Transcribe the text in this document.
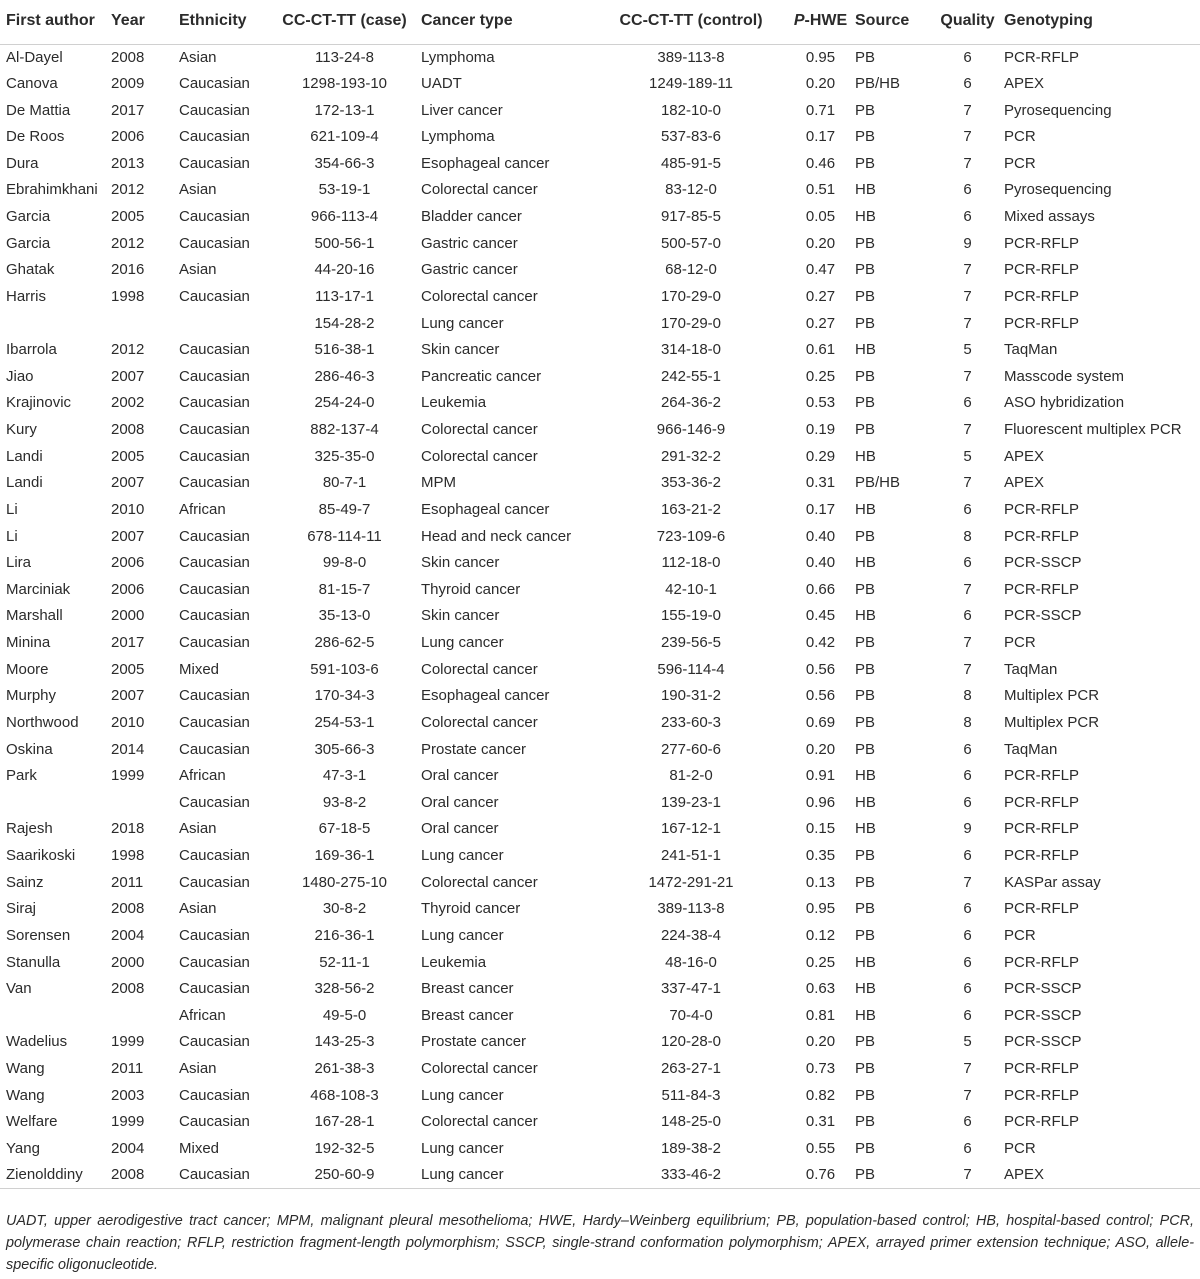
First author	Year	Ethnicity	CC-CT-TT (case)	Cancer type	CC-CT-TT (control)	P-HWE	Source	Quality	Genotyping
Al-Dayel	2008	Asian	113-24-8	Lymphoma	389-113-8	0.95	PB	6	PCR-RFLP
Canova	2009	Caucasian	1298-193-10	UADT	1249-189-11	0.20	PB/HB	6	APEX
De Mattia	2017	Caucasian	172-13-1	Liver cancer	182-10-0	0.71	PB	7	Pyrosequencing
De Roos	2006	Caucasian	621-109-4	Lymphoma	537-83-6	0.17	PB	7	PCR
Dura	2013	Caucasian	354-66-3	Esophageal cancer	485-91-5	0.46	PB	7	PCR
Ebrahimkhani	2012	Asian	53-19-1	Colorectal cancer	83-12-0	0.51	HB	6	Pyrosequencing
Garcia	2005	Caucasian	966-113-4	Bladder cancer	917-85-5	0.05	HB	6	Mixed assays
Garcia	2012	Caucasian	500-56-1	Gastric cancer	500-57-0	0.20	PB	9	PCR-RFLP
Ghatak	2016	Asian	44-20-16	Gastric cancer	68-12-0	0.47	PB	7	PCR-RFLP
Harris	1998	Caucasian	113-17-1	Colorectal cancer	170-29-0	0.27	PB	7	PCR-RFLP
			154-28-2	Lung cancer	170-29-0	0.27	PB	7	PCR-RFLP
Ibarrola	2012	Caucasian	516-38-1	Skin cancer	314-18-0	0.61	HB	5	TaqMan
Jiao	2007	Caucasian	286-46-3	Pancreatic cancer	242-55-1	0.25	PB	7	Masscode system
Krajinovic	2002	Caucasian	254-24-0	Leukemia	264-36-2	0.53	PB	6	ASO hybridization
Kury	2008	Caucasian	882-137-4	Colorectal cancer	966-146-9	0.19	PB	7	Fluorescent multiplex PCR
Landi	2005	Caucasian	325-35-0	Colorectal cancer	291-32-2	0.29	HB	5	APEX
Landi	2007	Caucasian	80-7-1	MPM	353-36-2	0.31	PB/HB	7	APEX
Li	2010	African	85-49-7	Esophageal cancer	163-21-2	0.17	HB	6	PCR-RFLP
Li	2007	Caucasian	678-114-11	Head and neck cancer	723-109-6	0.40	PB	8	PCR-RFLP
Lira	2006	Caucasian	99-8-0	Skin cancer	112-18-0	0.40	HB	6	PCR-SSCP
Marciniak	2006	Caucasian	81-15-7	Thyroid cancer	42-10-1	0.66	PB	7	PCR-RFLP
Marshall	2000	Caucasian	35-13-0	Skin cancer	155-19-0	0.45	HB	6	PCR-SSCP
Minina	2017	Caucasian	286-62-5	Lung cancer	239-56-5	0.42	PB	7	PCR
Moore	2005	Mixed	591-103-6	Colorectal cancer	596-114-4	0.56	PB	7	TaqMan
Murphy	2007	Caucasian	170-34-3	Esophageal cancer	190-31-2	0.56	PB	8	Multiplex PCR
Northwood	2010	Caucasian	254-53-1	Colorectal cancer	233-60-3	0.69	PB	8	Multiplex PCR
Oskina	2014	Caucasian	305-66-3	Prostate cancer	277-60-6	0.20	PB	6	TaqMan
Park	1999	African	47-3-1	Oral cancer	81-2-0	0.91	HB	6	PCR-RFLP
		Caucasian	93-8-2	Oral cancer	139-23-1	0.96	HB	6	PCR-RFLP
Rajesh	2018	Asian	67-18-5	Oral cancer	167-12-1	0.15	HB	9	PCR-RFLP
Saarikoski	1998	Caucasian	169-36-1	Lung cancer	241-51-1	0.35	PB	6	PCR-RFLP
Sainz	2011	Caucasian	1480-275-10	Colorectal cancer	1472-291-21	0.13	PB	7	KASPar assay
Siraj	2008	Asian	30-8-2	Thyroid cancer	389-113-8	0.95	PB	6	PCR-RFLP
Sorensen	2004	Caucasian	216-36-1	Lung cancer	224-38-4	0.12	PB	6	PCR
Stanulla	2000	Caucasian	52-11-1	Leukemia	48-16-0	0.25	HB	6	PCR-RFLP
Van	2008	Caucasian	328-56-2	Breast cancer	337-47-1	0.63	HB	6	PCR-SSCP
		African	49-5-0	Breast cancer	70-4-0	0.81	HB	6	PCR-SSCP
Wadelius	1999	Caucasian	143-25-3	Prostate cancer	120-28-0	0.20	PB	5	PCR-SSCP
Wang	2011	Asian	261-38-3	Colorectal cancer	263-27-1	0.73	PB	7	PCR-RFLP
Wang	2003	Caucasian	468-108-3	Lung cancer	511-84-3	0.82	PB	7	PCR-RFLP
Welfare	1999	Caucasian	167-28-1	Colorectal cancer	148-25-0	0.31	PB	6	PCR-RFLP
Yang	2004	Mixed	192-32-5	Lung cancer	189-38-2	0.55	PB	6	PCR
Zienolddiny	2008	Caucasian	250-60-9	Lung cancer	333-46-2	0.76	PB	7	APEX
UADT, upper aerodigestive tract cancer; MPM, malignant pleural mesothelioma; HWE, Hardy–Weinberg equilibrium; PB, population-based control; HB, hospital-based control; PCR, polymerase chain reaction; RFLP, restriction fragment-length polymorphism; SSCP, single-strand conformation polymorphism; APEX, arrayed primer extension technique; ASO, allele-specific oligonucleotide.
